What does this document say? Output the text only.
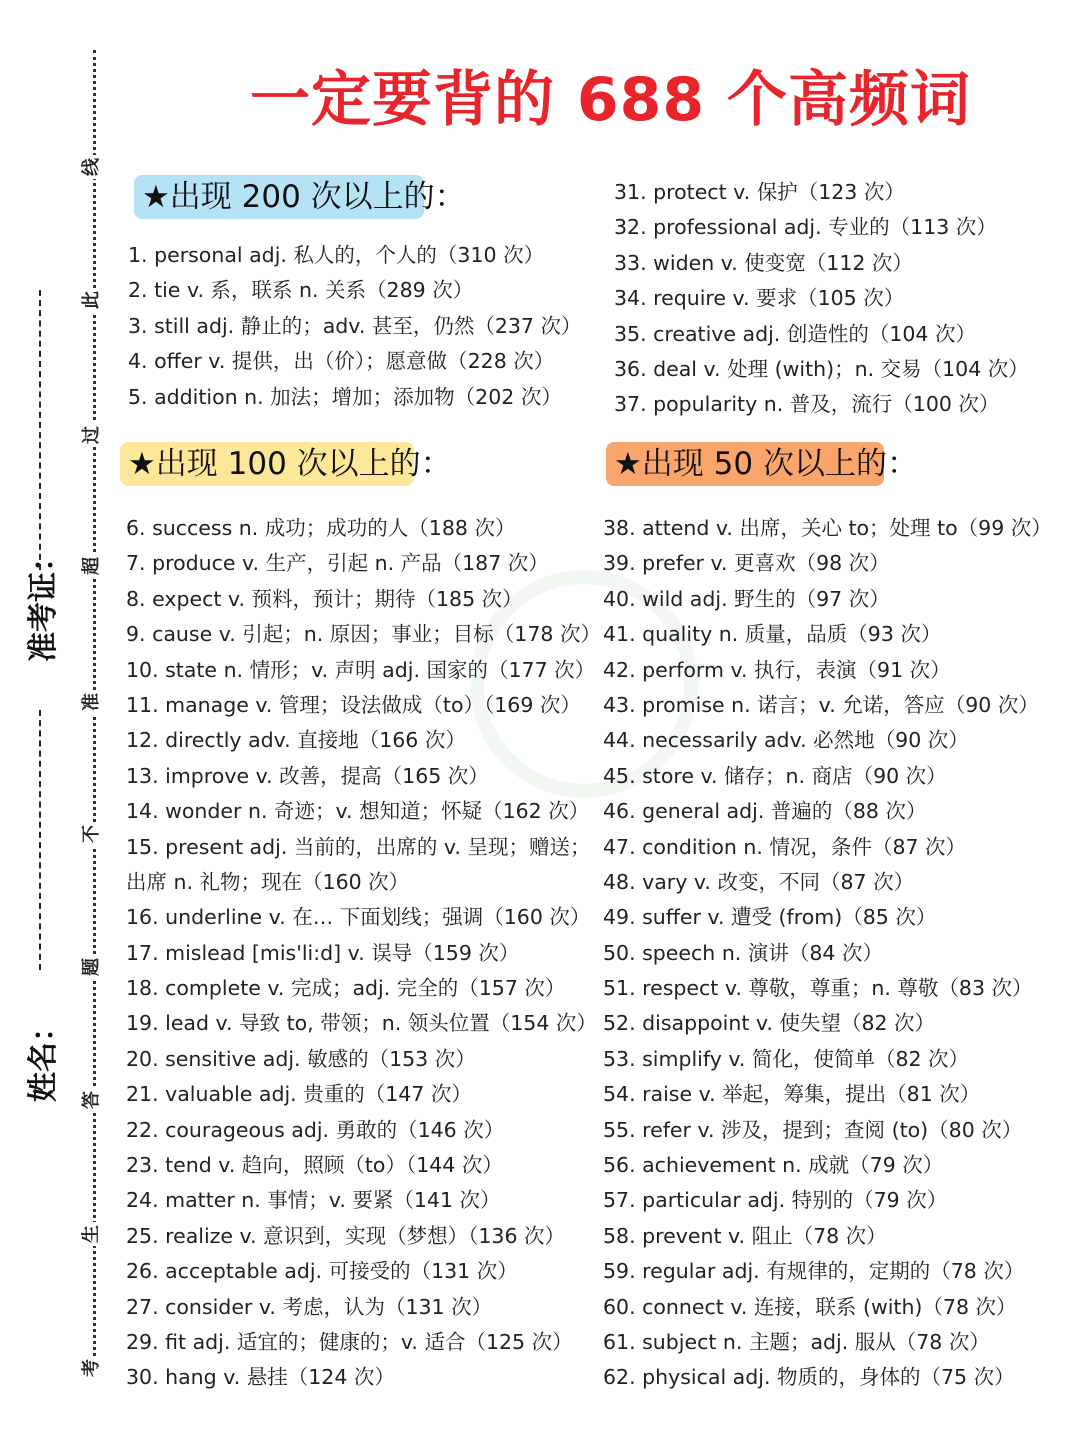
线
此
过
超
准
不
题
答
生
考
准考证：
姓名：
一定要背的 688 个高频词
★出现 200 次以上的：
1. personal adj. 私人的，个人的（310 次）
2. tie v. 系，联系 n. 关系（289 次）
3. still adj. 静止的；adv. 甚至，仍然（237 次）
4. offer v. 提供，出（价）；愿意做（228 次）
5. addition n. 加法；增加；添加物（202 次）
★出现 100 次以上的：
6. success n. 成功；成功的人（188 次）
7. produce v. 生产，引起 n. 产品（187 次）
8. expect v. 预料，预计；期待（185 次）
9. cause v. 引起；n. 原因；事业；目标（178 次）
10. state n. 情形；v. 声明 adj. 国家的（177 次）
11. manage v. 管理；设法做成（to）（169 次）
12. directly adv. 直接地（166 次）
13. improve v. 改善，提高（165 次）
14. wonder n. 奇迹；v. 想知道；怀疑（162 次）
15. present adj. 当前的，出席的 v. 呈现；赠送；
出席 n. 礼物；现在（160 次）
16. underline v. 在… 下面划线；强调（160 次）
17. mislead [mis'li:d] v. 误导（159 次）
18. complete v. 完成；adj. 完全的（157 次）
19. lead v. 导致 to, 带领；n. 领头位置（154 次）
20. sensitive adj. 敏感的（153 次）
21. valuable adj. 贵重的（147 次）
22. courageous adj. 勇敢的（146 次）
23. tend v. 趋向，照顾（to）（144 次）
24. matter n. 事情；v. 要紧（141 次）
25. realize v. 意识到，实现（梦想）（136 次）
26. acceptable adj. 可接受的（131 次）
27. consider v. 考虑，认为（131 次）
29. fit adj. 适宜的；健康的；v. 适合（125 次）
30. hang v. 悬挂（124 次）
31. protect v. 保护（123 次）
32. professional adj. 专业的（113 次）
33. widen v. 使变宽（112 次）
34. require v. 要求（105 次）
35. creative adj. 创造性的（104 次）
36. deal v. 处理 (with)；n. 交易（104 次）
37. popularity n. 普及，流行（100 次）
★出现 50 次以上的：
38. attend v. 出席，关心 to；处理 to（99 次）
39. prefer v. 更喜欢（98 次）
40. wild adj. 野生的（97 次）
41. quality n. 质量，品质（93 次）
42. perform v. 执行，表演（91 次）
43. promise n. 诺言；v. 允诺，答应（90 次）
44. necessarily adv. 必然地（90 次）
45. store v. 储存；n. 商店（90 次）
46. general adj. 普遍的（88 次）
47. condition n. 情况，条件（87 次）
48. vary v. 改变，不同（87 次）
49. suffer v. 遭受 (from)（85 次）
50. speech n. 演讲（84 次）
51. respect v. 尊敬，尊重；n. 尊敬（83 次）
52. disappoint v. 使失望（82 次）
53. simplify v. 简化，使简单（82 次）
54. raise v. 举起，筹集，提出（81 次）
55. refer v. 涉及，提到；查阅 (to)（80 次）
56. achievement n. 成就（79 次）
57. particular adj. 特别的（79 次）
58. prevent v. 阻止（78 次）
59. regular adj. 有规律的，定期的（78 次）
60. connect v. 连接，联系 (with)（78 次）
61. subject n. 主题；adj. 服从（78 次）
62. physical adj. 物质的，身体的（75 次）
